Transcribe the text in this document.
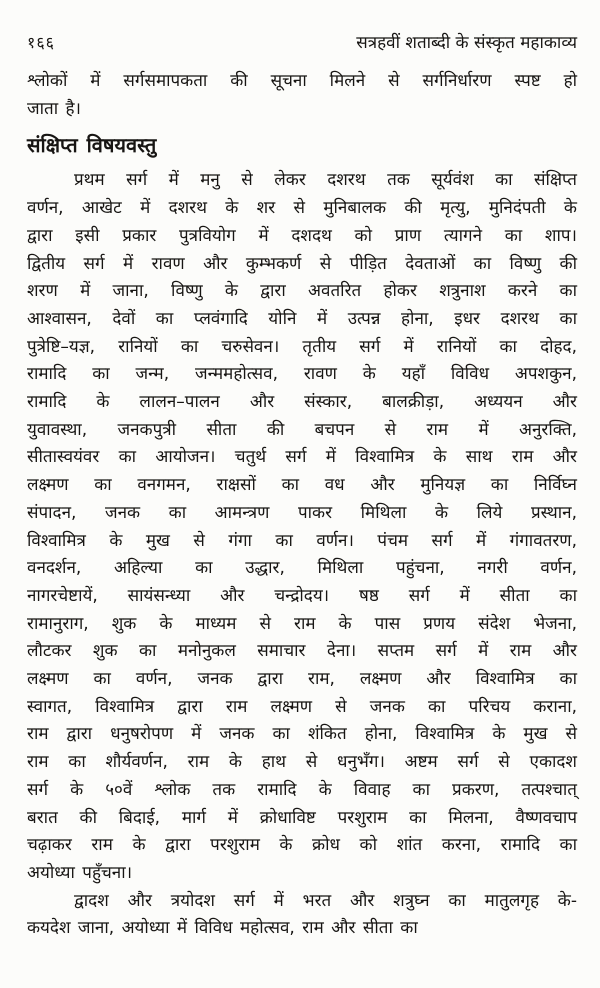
१६६	सत्रहवीं शताब्दी के संस्कृत महाकाव्य
श्लोकों में सर्गसमापकता की सूचना मिलने से सर्गनिर्धारण स्पष्ट हो
जाता है।
संक्षिप्त विषयवस्तु
प्रथम सर्ग में मनु से लेकर दशरथ तक सूर्यवंश का संक्षिप्त
वर्णन, आखेट में दशरथ के शर से मुनिबालक की मृत्यु, मुनिदंपती के
द्वारा इसी प्रकार पुत्रवियोग में दशदथ को प्राण त्यागने का शाप।
द्वितीय सर्ग में रावण और कुम्भकर्ण से पीड़ित देवताओं का विष्णु की
शरण में जाना, विष्णु के द्वारा अवतरित होकर शत्रुनाश करने का
आश्वासन, देवों का प्लवंगादि योनि में उत्पन्न होना, इधर दशरथ का
पुत्रेष्टि–यज्ञ, रानियों का चरुसेवन। तृतीय सर्ग में रानियों का दोहद,
रामादि का जन्म, जन्ममहोत्सव, रावण के यहाँ विविध अपशकुन,
रामादि के लालन–पालन और संस्कार, बालक्रीड़ा, अध्ययन और
युवावस्था, जनकपुत्री सीता की बचपन से राम में अनुरक्ति,
सीतास्वयंवर का आयोजन। चतुर्थ सर्ग में विश्वामित्र के साथ राम और
लक्ष्मण का वनगमन, राक्षसों का वध और मुनियज्ञ का निर्विघ्न
संपादन, जनक का आमन्त्रण पाकर मिथिला के लिये प्रस्थान,
विश्वामित्र के मुख से गंगा का वर्णन। पंचम सर्ग में गंगावतरण,
वनदर्शन, अहिल्या का उद्धार, मिथिला पहुंचना, नगरी वर्णन,
नागरचेष्टायें, सायंसन्ध्या और चन्द्रोदय। षष्ठ सर्ग में सीता का
रामानुराग, शुक के माध्यम से राम के पास प्रणय संदेश भेजना,
लौटकर शुक का मनोनुकल समाचार देना। सप्तम सर्ग में राम और
लक्ष्मण का वर्णन, जनक द्वारा राम, लक्ष्मण और विश्वामित्र का
स्वागत, विश्वामित्र द्वारा राम लक्ष्मण से जनक का परिचय कराना,
राम द्वारा धनुषरोपण में जनक का शंकित होना, विश्वामित्र के मुख से
राम का शौर्यवर्णन, राम के हाथ से धनुभँग। अष्टम सर्ग से एकादश
सर्ग के ५०वें श्लोक तक रामादि के विवाह का प्रकरण, तत्पश्चात्
बरात की बिदाई, मार्ग में क्रोधाविष्ट परशुराम का मिलना, वैष्णवचाप
चढ़ाकर राम के द्वारा परशुराम के क्रोध को शांत करना, रामादि का
अयोध्या पहुँचना।
द्वादश और त्रयोदश सर्ग में भरत और शत्रुघ्न का मातुलगृह के-
कयदेश जाना, अयोध्या में विविध महोत्सव, राम और सीता का
